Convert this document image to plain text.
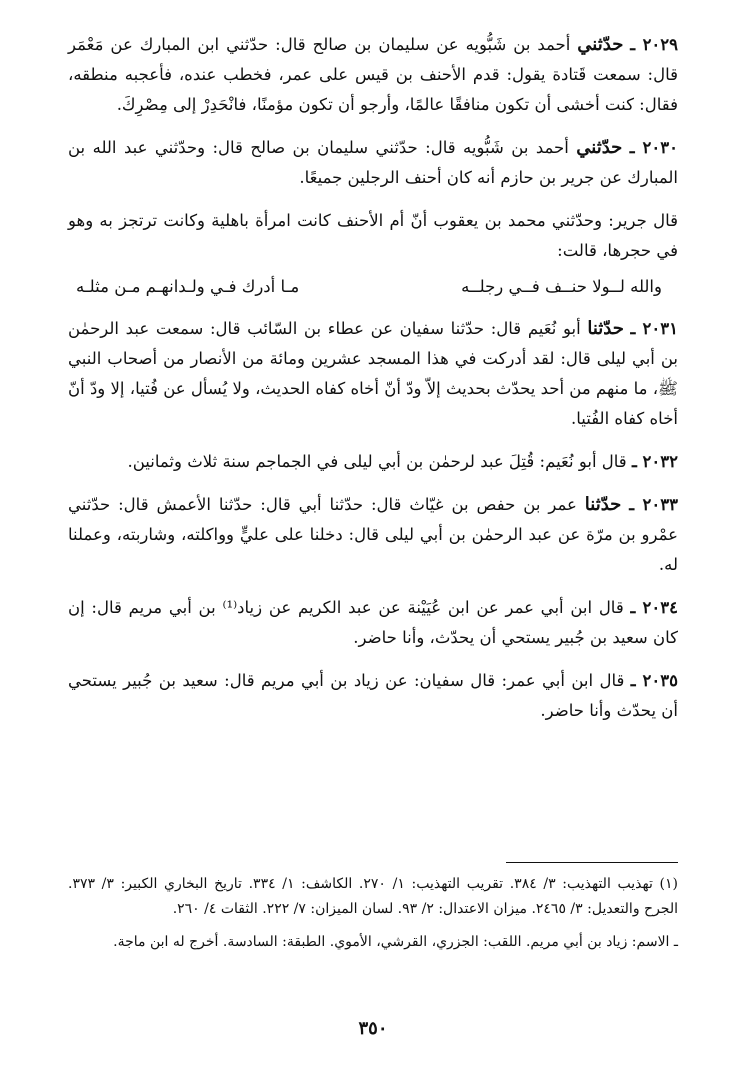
٢٠٢٩ ـ حدّثني أحمد بن شَبُّويه عن سليمان بن صالح قال: حدّثني ابن المبارك عن مَعْمَر قال: سمعت قَتادة يقول: قدم الأحنف بن قيس على عمر، فخطب عنده، فأعجبه منطقه، فقال: كنت أخشى أن تكون منافقًا عالمًا، وأرجو أن تكون مؤمنًا، فانْحَدِرْ إلى مِصْرِكَ.

٢٠٣٠ ـ حدّثني أحمد بن شَبُّويه قال: حدّثني سليمان بن صالح قال: وحدّثني عبد الله بن المبارك عن جرير بن حازم أنه كان أحنف الرجلين جميعًا.

قال جرير: وحدّثني محمد بن يعقوب أنّ أم الأحنف كانت امرأة باهلية وكانت ترتجز به وهو في حجرها، قالت:

والله لــولا حنــف فــي رجلــه
مـا أدرك فـي ولـدانهـم مـن مثلـه

٢٠٣١ ـ حدّثنا أبو نُعَيم قال: حدّثنا سفيان عن عطاء بن السّائب قال: سمعت عبد الرحمٰن بن أبي ليلى قال: لقد أدركت في هذا المسجد عشرين ومائة من الأنصار من أصحاب النبي ﷺ، ما منهم من أحد يحدّث بحديث إلاّ ودّ أنّ أخاه كفاه الحديث، ولا يُسأل عن فُتيا، إلا ودّ أنّ أخاه كفاه الفُتيا.

٢٠٣٢ ـ قال أبو نُعَيم: قُتِلَ عبد لرحمٰن بن أبي ليلى في الجماجم سنة ثلاث وثمانين.

٢٠٣٣ ـ حدّثنا عمر بن حفص بن غيّاث قال: حدّثنا أبي قال: حدّثنا الأعمش قال: حدّثني عمْرو بن مرّة عن عبد الرحمٰن بن أبي ليلى قال: دخلنا على عليٍّ وواكلته، وشاربته، وعملنا له.

٢٠٣٤ ـ قال ابن أبي عمر عن ابن عُيَيْنة عن عبد الكريم عن زياد⁽¹⁾ بن أبي مريم قال: إن كان سعيد بن جُبير يستحي أن يحدّث، وأنا حاضر.

٢٠٣٥ ـ قال ابن أبي عمر: قال سفيان: عن زياد بن أبي مريم قال: سعيد بن جُبير يستحي أن يحدّث وأنا حاضر.

(١) تهذيب التهذيب: ٣/ ٣٨٤. تقريب التهذيب: ١/ ٢٧٠. الكاشف: ١/ ٣٣٤. تاريخ البخاري الكبير: ٣/ ٣٧٣. الجرح والتعديل: ٣/ ٢٤٦٥. ميزان الاعتدال: ٢/ ٩٣. لسان الميزان: ٧/ ٢٢٢. الثقات ٤/ ٢٦٠.

ـ الاسم: زياد بن أبي مريم. اللقب: الجزري، القرشي، الأموي. الطبقة: السادسة. أخرج له ابن ماجة.

٣٥٠
